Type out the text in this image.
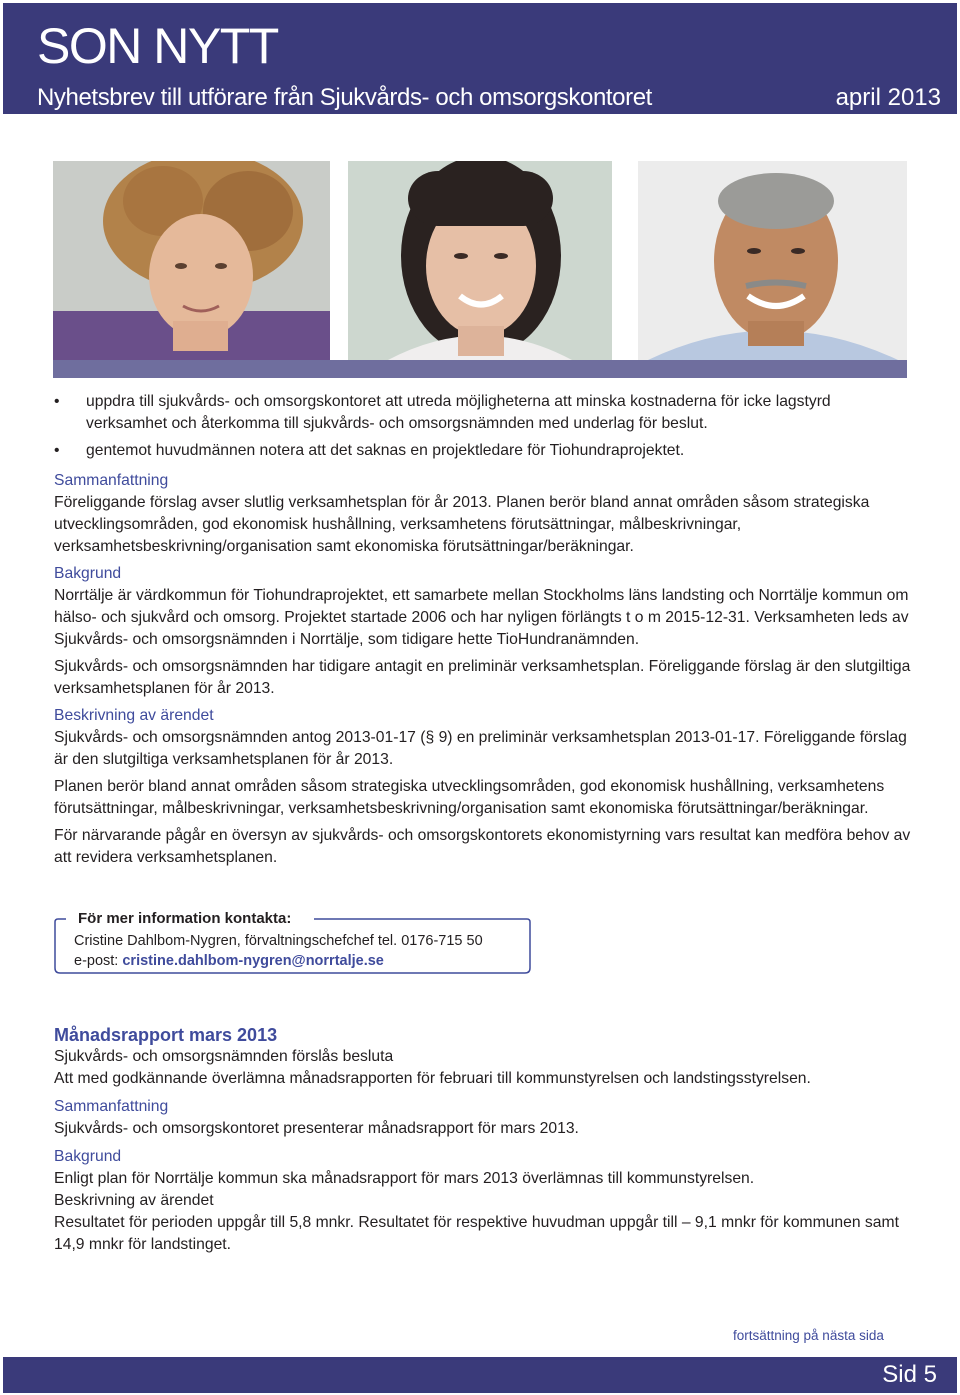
SON NYTT
Nyhetsbrev till utförare från Sjukvårds- och omsorgskontoret	april 2013
• uppdra till sjukvårds- och omsorgskontoret att utreda möjligheterna att minska kostnaderna för icke lagstyrd verksamhet och återkomma till sjukvårds- och omsorgsnämnden med underlag för beslut.
• gentemot huvudmännen notera att det saknas en projektledare för Tiohundraprojektet.

Sammanfattning

Föreliggande förslag avser slutlig verksamhetsplan för år 2013. Planen berör bland annat områden såsom strategiska utvecklingsområden, god ekonomisk hushållning, verksamhetens förutsättningar, målbeskrivningar, verksamhetsbeskrivning/organisation samt ekonomiska förutsättningar/beräkningar.

Bakgrund

Norrtälje är värdkommun för Tiohundraprojektet, ett samarbete mellan Stockholms läns landsting och Norrtälje kommun om hälso- och sjukvård och omsorg. Projektet startade 2006 och har nyligen förlängts t o m 2015-12-31. Verksamheten leds av Sjukvårds- och omsorgsnämnden i Norrtälje, som tidigare hette TioHundranämnden.

Sjukvårds- och omsorgsnämnden har tidigare antagit en preliminär verksamhetsplan. Föreliggande förslag är den slutgiltiga verksamhetsplanen för år 2013.

Beskrivning av ärendet

Sjukvårds- och omsorgsnämnden antog 2013-01-17 (§ 9) en preliminär verksamhetsplan 2013-01-17. Föreliggande förslag är den slutgiltiga verksamhetsplanen för år 2013.

Planen berör bland annat områden såsom strategiska utvecklingsområden, god ekonomisk hushållning, verksamhetens förutsättningar, målbeskrivningar, verksamhetsbeskrivning/organisation samt ekonomiska förutsättningar/beräkningar.

För närvarande pågår en översyn av sjukvårds- och omsorgskontorets ekonomistyrning vars resultat kan medföra behov av att revidera verksamhetsplanen.

För mer information kontakta:
Cristine Dahlbom-Nygren, förvaltningschefchef tel. 0176-715 50
e-post: cristine.dahlbom-nygren@norrtalje.se
Månadsrapport mars 2013

Sjukvårds- och omsorgsnämnden förslås besluta

Att med godkännande överlämna månadsrapporten för februari till kommunstyrelsen och landstingsstyrelsen.

Sammanfattning

Sjukvårds- och omsorgskontoret presenterar månadsrapport för mars 2013.

Bakgrund

Enligt plan för Norrtälje kommun ska månadsrapport för mars 2013 överlämnas till kommunstyrelsen.

Beskrivning av ärendet

Resultatet för perioden uppgår till 5,8 mnkr. Resultatet för respektive huvudman uppgår till – 9,1 mnkr för kommunen samt 14,9 mnkr för landstinget.

fortsättning på nästa sida
Sid 5
